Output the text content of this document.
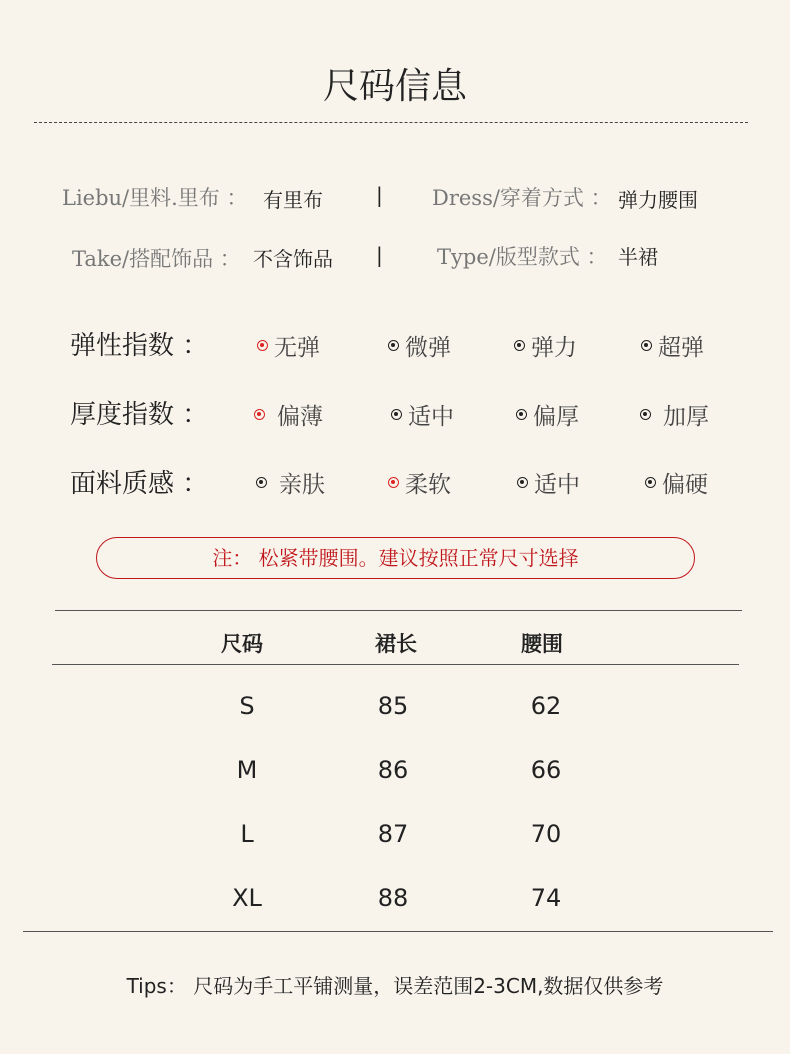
尺码信息
Liebu/里料.里布 ： 有里布	| Dress/穿着方式 ： 弹力腰围
Take/搭配饰品 ： 不含饰品 |	Type/版型款式 ： 半裙
弹性指数 ：	无弹	微弹	弹力	超弹
厚度指数 ：	偏薄	适中	偏厚	加厚
面料质感 ：	亲肤	柔软	适中	偏硬
注： 松紧带腰围。建议按照正常尺寸选择
尺码	裙长	腰围
S	85	62
M	86	66
L	87	70
XL	88	74
Tips： 尺码为手工平铺测量，误差范围2-3CM,数据仅供参考
